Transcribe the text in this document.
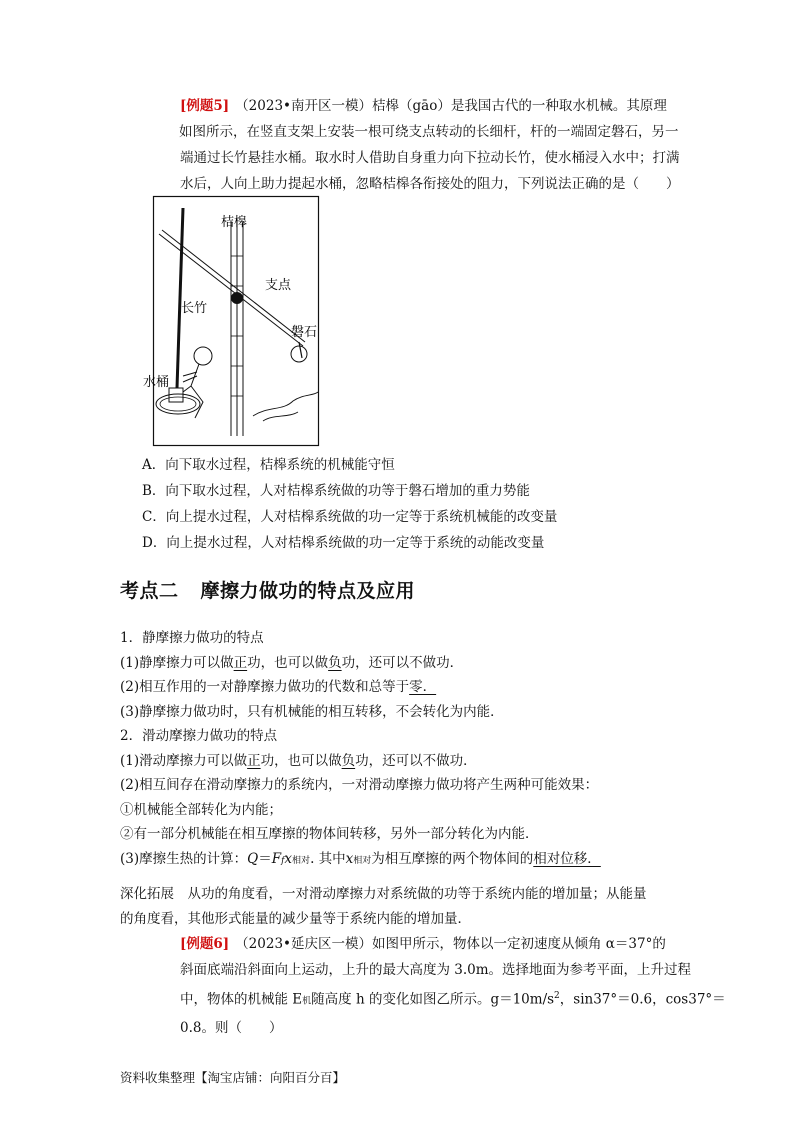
[例题5] （2023•南开区一模）桔槔（gāo）是我国古代的一种取水机械。其原理
如图所示，在竖直支架上安装一根可绕支点转动的长细杆，杆的一端固定磐石，另一
端通过长竹悬挂水桶。取水时人借助自身重力向下拉动长竹，使水桶浸入水中；打满
水后，人向上助力提起水桶，忽略桔槔各衔接处的阻力，下列说法正确的是（　　）
桔槔
支点
长竹
磐石
水桶
A．向下取水过程，桔槔系统的机械能守恒
B．向下取水过程，人对桔槔系统做的功等于磐石增加的重力势能
C．向上提水过程，人对桔槔系统做的功一定等于系统机械能的改变量
D．向上提水过程，人对桔槔系统做的功一定等于系统的动能改变量
考点二 摩擦力做功的特点及应用

1．静摩擦力做功的特点

(1)静摩擦力可以做正功，也可以做负功，还可以不做功．

(2)相互作用的一对静摩擦力做功的代数和总等于零．

(3)静摩擦力做功时，只有机械能的相互转移，不会转化为内能．

2．滑动摩擦力做功的特点

(1)滑动摩擦力可以做正功，也可以做负功，还可以不做功．

(2)相互间存在滑动摩擦力的系统内，一对滑动摩擦力做功将产生两种可能效果：

①机械能全部转化为内能；

②有一部分机械能在相互摩擦的物体间转移，另外一部分转化为内能．

(3)摩擦生热的计算：Q＝Ffx相对. 其中x相对为相互摩擦的两个物体间的相对位移．

深化拓展　从功的角度看，一对滑动摩擦力对系统做的功等于系统内能的增加量；从能量
的角度看，其他形式能量的减少量等于系统内能的增加量．
[例题6] （2023•延庆区一模）如图甲所示，物体以一定初速度从倾角 α＝37°的
斜面底端沿斜面向上运动，上升的最大高度为 3.0m。选择地面为参考平面，上升过程
中，物体的机械能 E机随高度 h 的变化如图乙所示。$g=10m/s^2$，sin37°＝0.6，cos37°＝
0.8。则（　　）
资料收集整理【淘宝店铺：向阳百分百】
